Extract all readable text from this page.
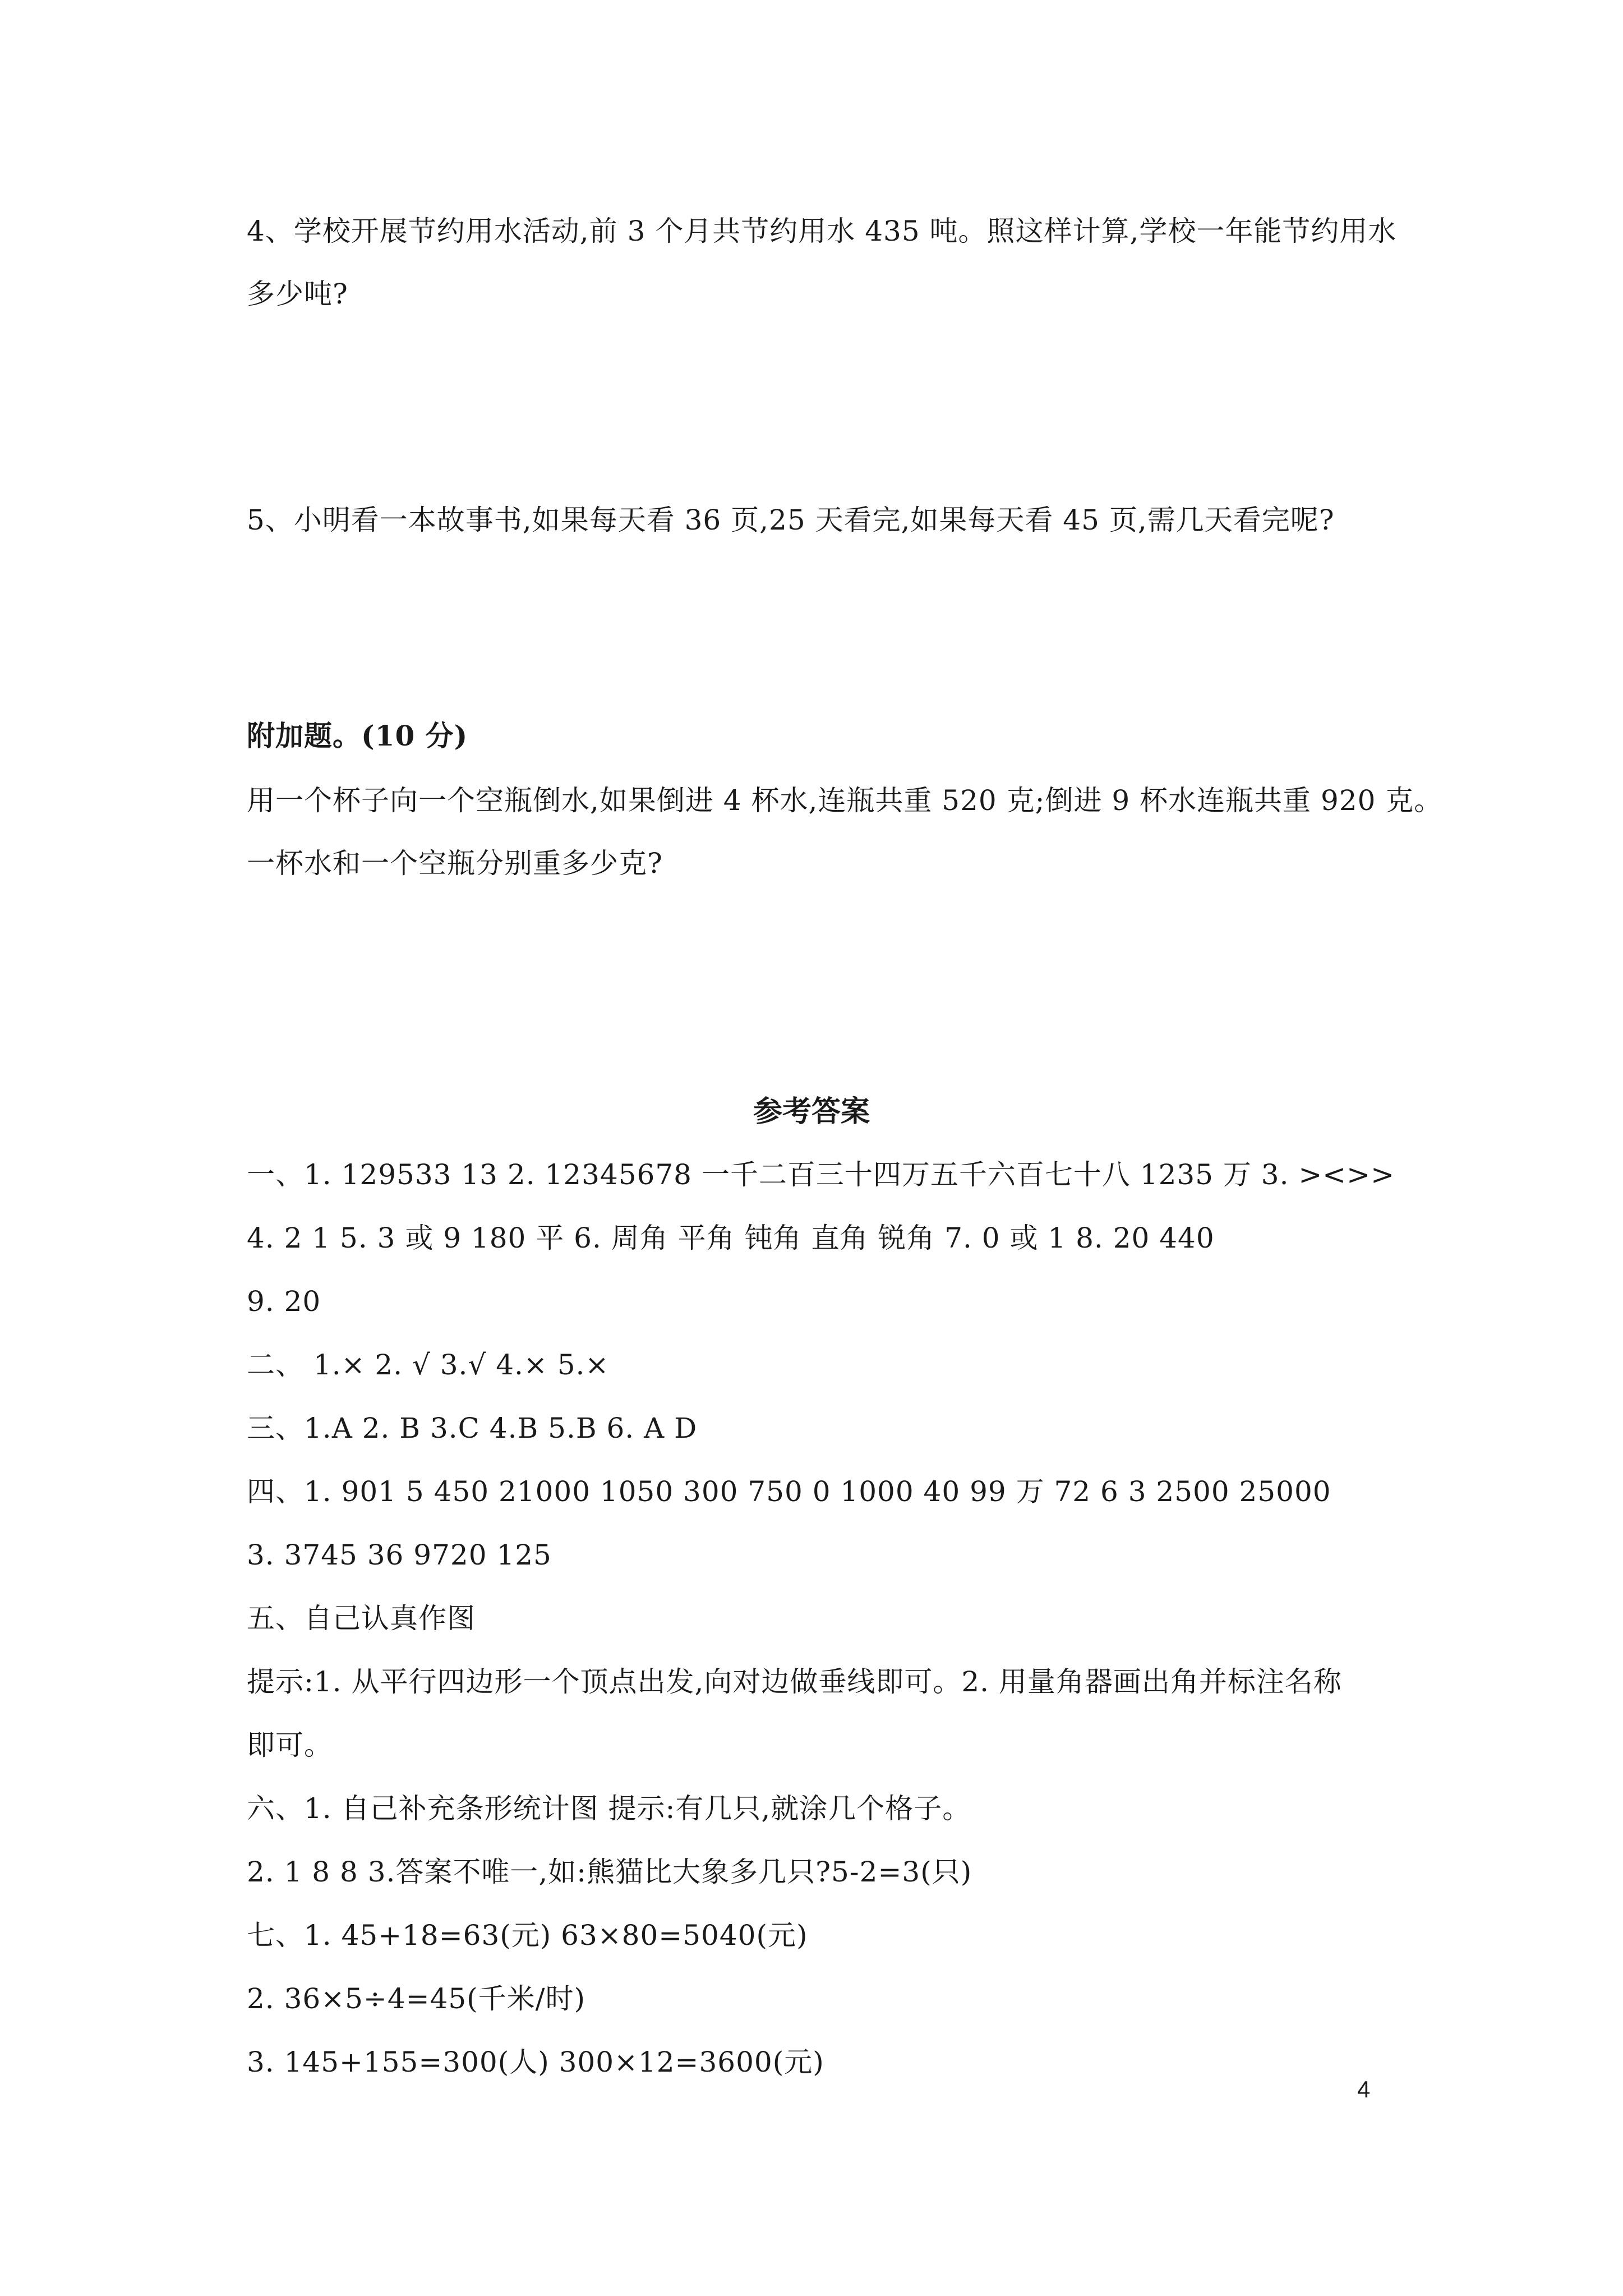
4、学校开展节约用水活动,前 3 个月共节约用水 435 吨。照这样计算,学校一年能节约用水
多少吨?
5、小明看一本故事书,如果每天看 36 页,25 天看完,如果每天看 45 页,需几天看完呢?
附加题。(10 分)
用一个杯子向一个空瓶倒水,如果倒进 4 杯水,连瓶共重 520 克;倒进 9 杯水连瓶共重 920 克。
一杯水和一个空瓶分别重多少克?
参考答案
一、1. 129533 13 2. 12345678 一千二百三十四万五千六百七十八 1235 万 3. ><>>
4. 2 1 5. 3 或 9 180 平 6. 周角 平角 钝角 直角 锐角 7. 0 或 1 8. 20 440
9. 20
二、 1.× 2. √ 3.√ 4.× 5.×
三、1.A 2. B 3.C 4.B 5.B 6. A D
四、1. 901 5 450 21000 1050 300 750 0 1000 40 99 万 72 6 3 2500 25000
3. 3745 36 9720 125
五、自己认真作图
提示:1. 从平行四边形一个顶点出发,向对边做垂线即可。2. 用量角器画出角并标注名称
即可。
六、1. 自己补充条形统计图 提示:有几只,就涂几个格子。
2. 1 8 8 3.答案不唯一,如:熊猫比大象多几只?5-2=3(只)
七、1. 45+18=63(元) 63×80=5040(元)
2. 36×5÷4=45(千米/时)
3. 145+155=300(人) 300×12=3600(元)
4
